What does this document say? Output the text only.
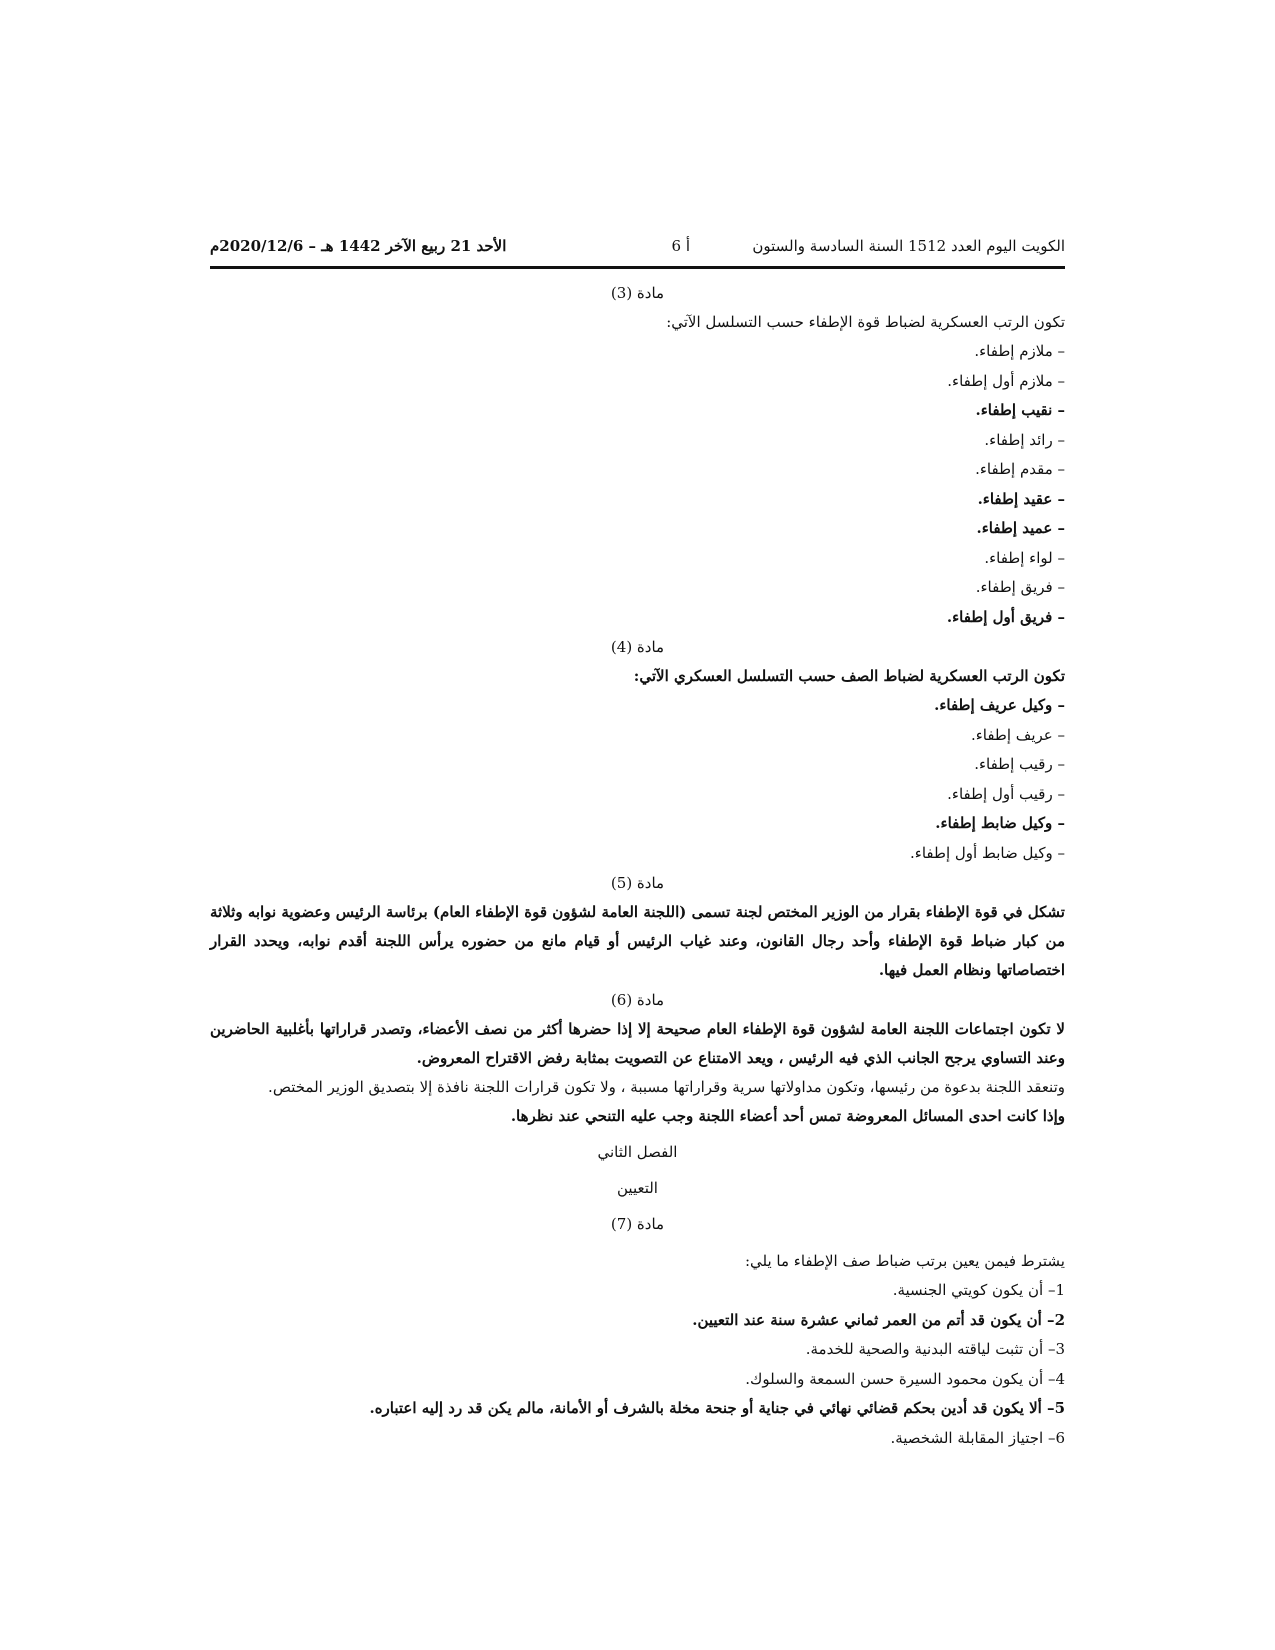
الكويت اليوم العدد 1512 السنة السادسة والستون
أ 6
الأحد 21 ربيع الآخر 1442 هـ – 2020/12/6م
مادة (3)
تكون الرتب العسكرية لضباط قوة الإطفاء حسب التسلسل الآتي:
– ملازم إطفاء.
– ملازم أول إطفاء.
– نقيب إطفاء.
– رائد إطفاء.
– مقدم إطفاء.
– عقيد إطفاء.
– عميد إطفاء.
– لواء إطفاء.
– فريق إطفاء.
– فريق أول إطفاء.
مادة (4)
تكون الرتب العسكرية لضباط الصف حسب التسلسل العسكري الآتي:
– وكيل عريف إطفاء.
– عريف إطفاء.
– رقيب إطفاء.
– رقيب أول إطفاء.
– وكيل ضابط إطفاء.
– وكيل ضابط أول إطفاء.
مادة (5)
تشكل في قوة الإطفاء بقرار من الوزير المختص لجنة تسمى (اللجنة العامة لشؤون قوة الإطفاء العام) برئاسة الرئيس وعضوية نوابه وثلاثة من كبار ضباط قوة الإطفاء وأحد رجال القانون، وعند غياب الرئيس أو قيام مانع من حضوره يرأس اللجنة أقدم نوابه، ويحدد القرار اختصاصاتها ونظام العمل فيها.
مادة (6)
لا تكون اجتماعات اللجنة العامة لشؤون قوة الإطفاء العام صحيحة إلا إذا حضرها أكثر من نصف الأعضاء، وتصدر قراراتها بأغلبية الحاضرين وعند التساوي يرجح الجانب الذي فيه الرئيس ، ويعد الامتناع عن التصويت بمثابة رفض الاقتراح المعروض.
وتنعقد اللجنة بدعوة من رئيسها، وتكون مداولاتها سرية وقراراتها مسببة ، ولا تكون قرارات اللجنة نافذة إلا بتصديق الوزير المختص.
وإذا كانت احدى المسائل المعروضة تمس أحد أعضاء اللجنة وجب عليه التنحي عند نظرها.
الفصل الثاني
التعيين
مادة (7)
يشترط فيمن يعين برتب ضباط صف الإطفاء ما يلي:
1– أن يكون كويتي الجنسية.
2– أن يكون قد أتم من العمر ثماني عشرة سنة عند التعيين.
3– أن تثبت لياقته البدنية والصحية للخدمة.
4– أن يكون محمود السيرة حسن السمعة والسلوك.
5– ألا يكون قد أدين بحكم قضائي نهائي في جناية أو جنحة مخلة بالشرف أو الأمانة، مالم يكن قد رد إليه اعتباره.
6– اجتياز المقابلة الشخصية.
